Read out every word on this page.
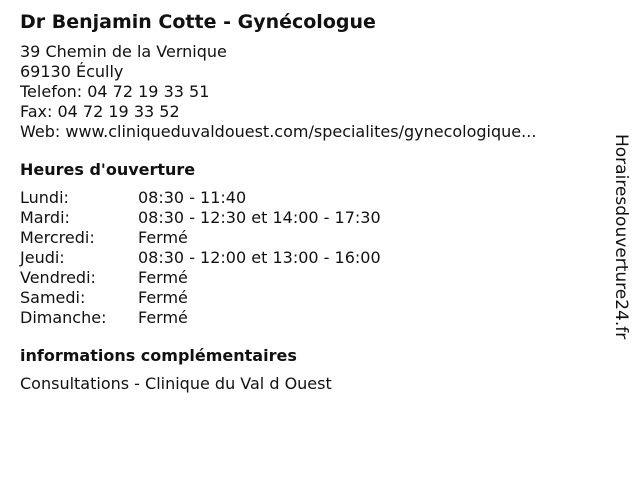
Dr Benjamin Cotte - Gynécologue
39 Chemin de la Vernique
69130 Écully
Telefon: 04 72 19 33 51
Fax: 04 72 19 33 52
Web: www.cliniqueduvaldouest.com/specialites/gynecologique...
Heures d'ouverture
Lundi:	08:30 - 11:40
Mardi:	08:30 - 12:30 et 14:00 - 17:30
Mercredi:	Fermé
Jeudi:	08:30 - 12:00 et 13:00 - 16:00
Vendredi:	Fermé
Samedi:	Fermé
Dimanche:	Fermé
informations complémentaires
Consultations - Clinique du Val d Ouest
Horairesdouverture24.fr
